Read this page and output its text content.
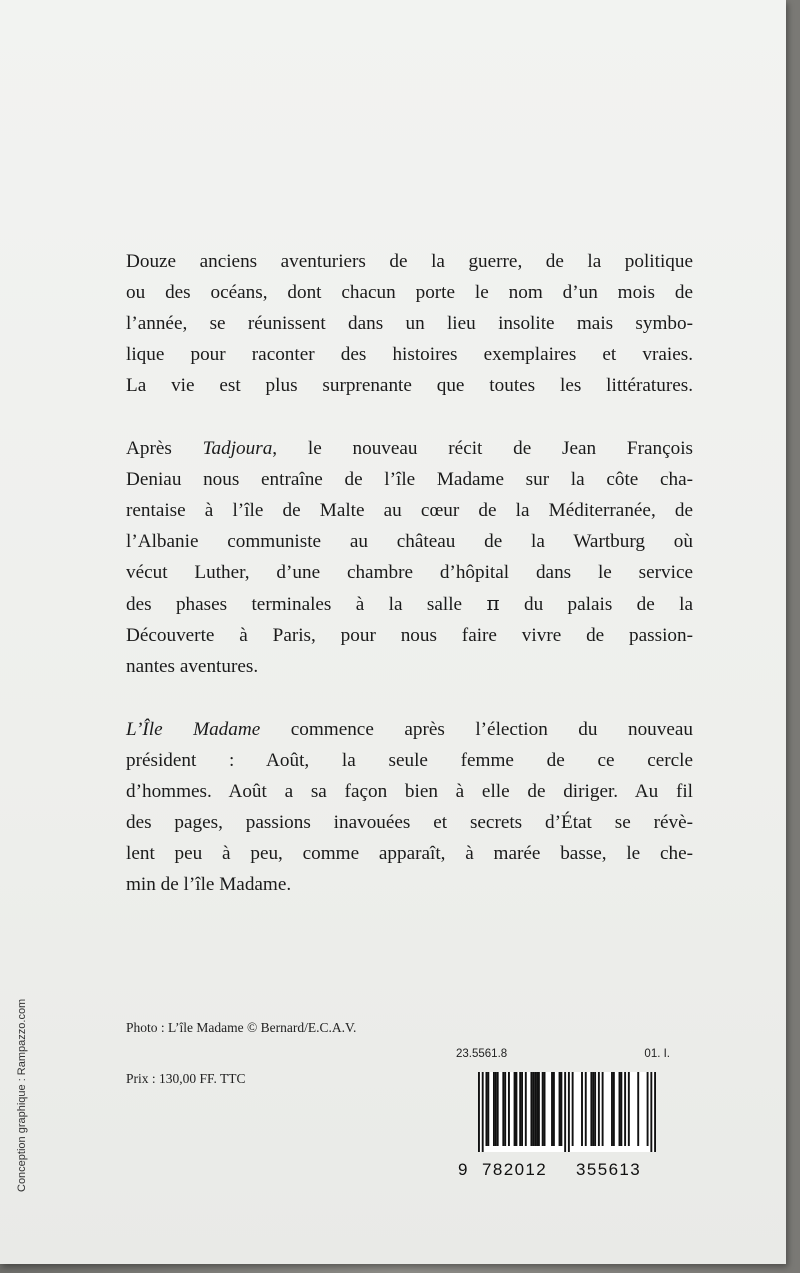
Douze anciens aventuriers de la guerre, de la politique
ou des océans, dont chacun porte le nom d’un mois de
l’année, se réunissent dans un lieu insolite mais symbo-
lique pour raconter des histoires exemplaires et vraies.
La vie est plus surprenante que toutes les littératures.

Après Tadjoura, le nouveau récit de Jean François
Deniau nous entraîne de l’île Madame sur la côte cha-
rentaise à l’île de Malte au cœur de la Méditerranée, de
l’Albanie communiste au château de la Wartburg où
vécut Luther, d’une chambre d’hôpital dans le service
des phases terminales à la salle π du palais de la
Découverte à Paris, pour nous faire vivre de passion-
nantes aventures.

L’Île Madame commence après l’élection du nouveau
président : Août, la seule femme de ce cercle
d’hommes. Août a sa façon bien à elle de diriger. Au fil
des pages, passions inavouées et secrets d’État se révè-
lent peu à peu, comme apparaît, à marée basse, le che-
min de l’île Madame.

Photo : L’île Madame © Bernard/E.C.A.V.
Prix : 130,00 FF. TTC
23.5561.8	01. I.
9 782012 355613
Conception graphique : Rampazzo.com
